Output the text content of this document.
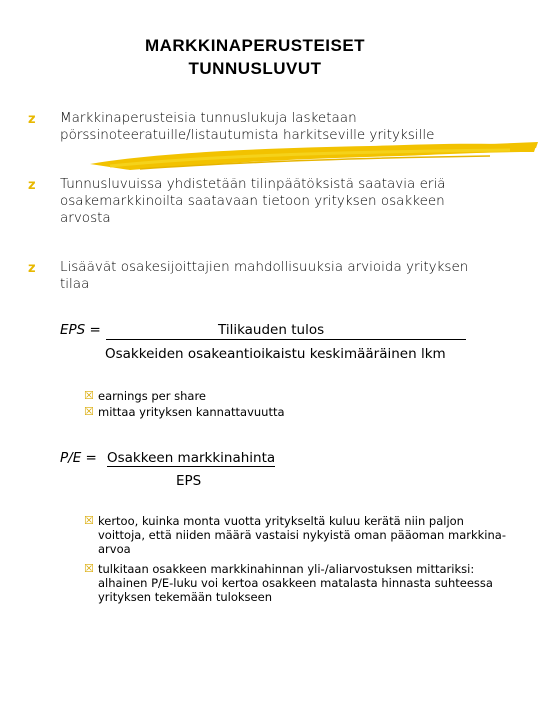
MARKKINAPERUSTEISET
TUNNUSLUVUT
z	Markkinaperusteisia tunnuslukuja lasketaan
pörssinoteeratuille/listautumista harkitseville yrityksille
z	Tunnusluvuissa yhdistetään tilinpäätöksistä saatavia eriä
osakemarkkinoilta saatavaan tietoon yrityksen osakkeen
arvosta
z	Lisäävät osakesijoittajien mahdollisuuksia arvioida yrityksen
tilaa
EPS =	Tilikauden tulos
Osakkeiden osakeantioikaistu keskimääräinen lkm
☒ earnings per share
☒ mittaa yrityksen kannattavuutta
P/E = Osakkeen markkinahinta
EPS
☒ kertoo, kuinka monta vuotta yritykseltä kuluu kerätä niin paljon
voittoja, että niiden määrä vastaisi nykyistä oman pääoman markkina-
arvoa
☒ tulkitaan osakkeen markkinahinnan yli-/aliarvostuksen mittariksi:
alhainen P/E-luku voi kertoa osakkeen matalasta hinnasta suhteessa
yrityksen tekemään tulokseen
